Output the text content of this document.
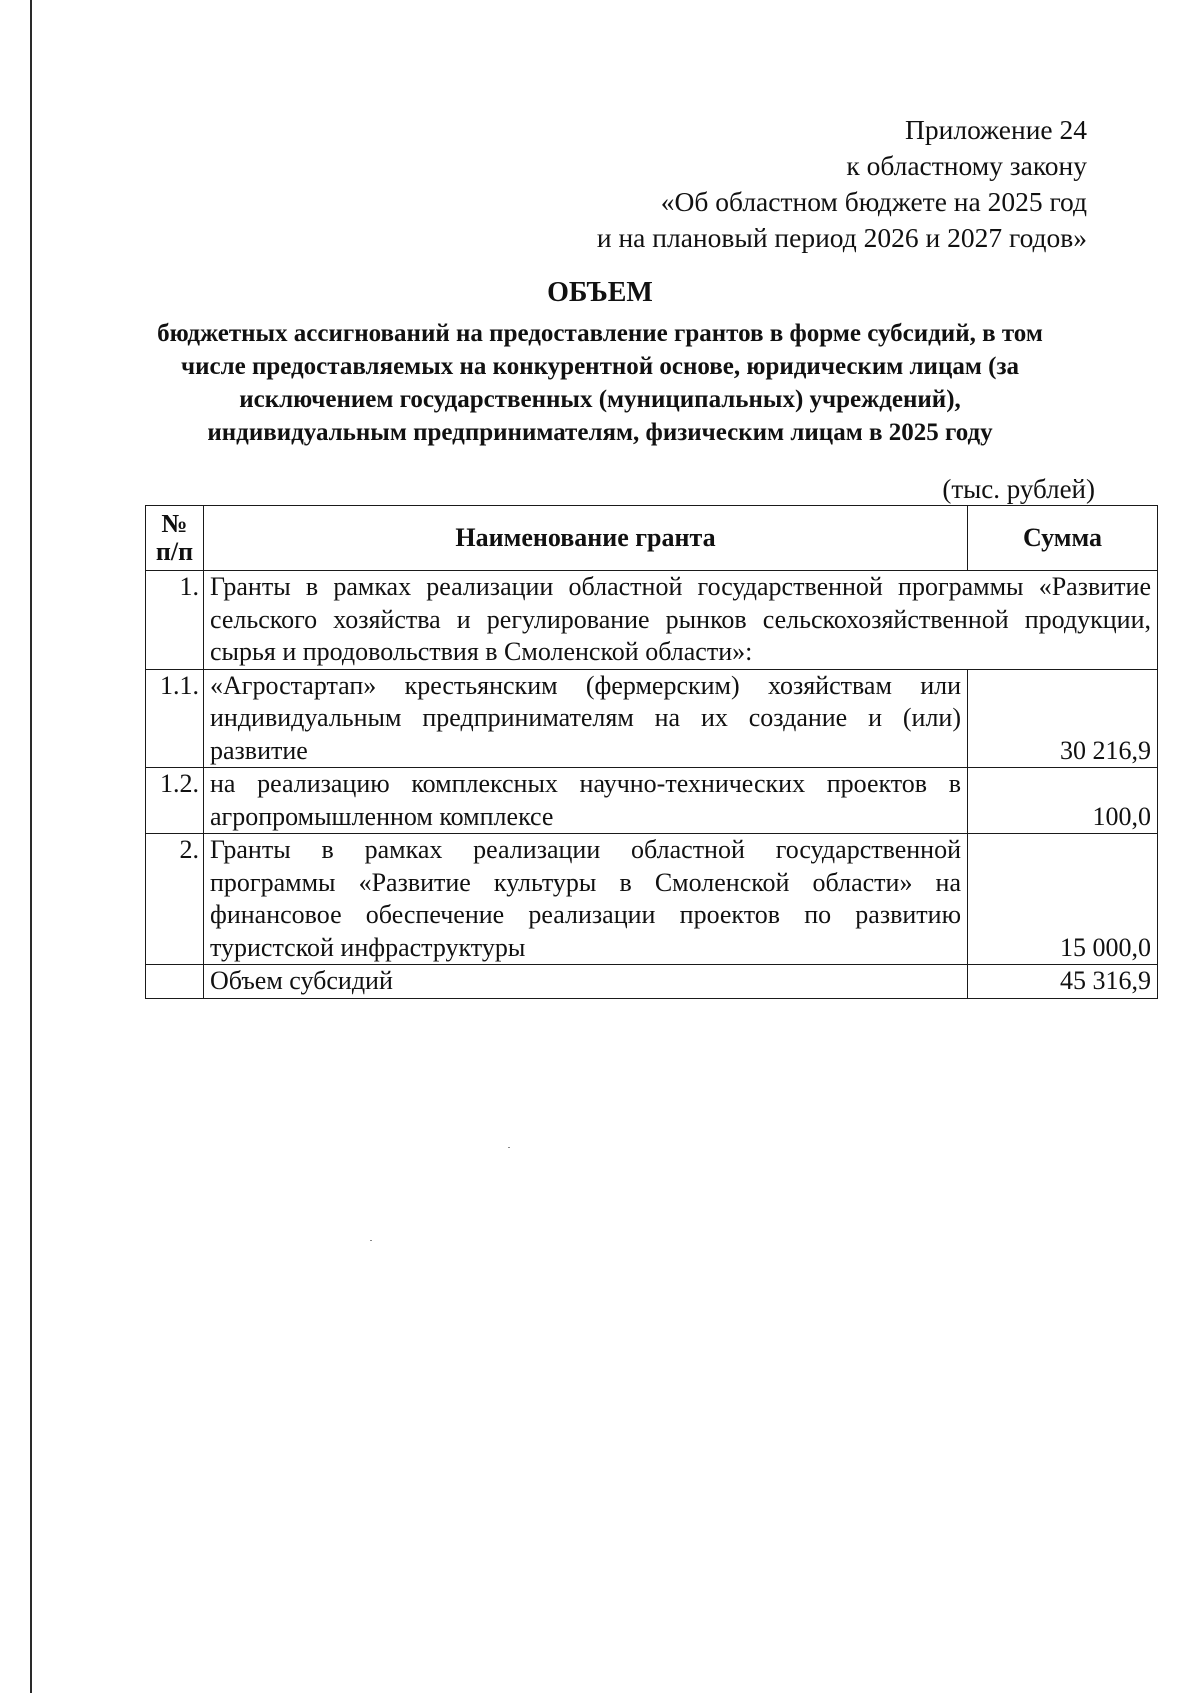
Приложение 24
к областному закону
«Об областном бюджете на 2025 год
и на плановый период 2026 и 2027 годов»
ОБЪЕМ
бюджетных ассигнований на предоставление грантов в форме субсидий, в том
числе предоставляемых на конкурентной основе, юридическим лицам (за
исключением государственных (муниципальных) учреждений),
индивидуальным предпринимателям, физическим лицам в 2025 году
(тыс. рублей)
№
п/п	Наименование гранта	Сумма
1.	Гранты в рамках реализации областной государственной программы «Развитие сельского хозяйства и регулирование рынков сельскохозяйственной продукции, сырья и продовольствия в Смоленской области»:	
1.1.	«Агростартап» крестьянским (фермерским) хозяйствам или индивидуальным предпринимателям на их создание и (или) развитие	30 216,9
1.2.	на реализацию комплексных научно-технических проектов в агропромышленном комплексе	100,0
2.	Гранты в рамках реализации областной государственной программы «Развитие культуры в Смоленской области» на финансовое обеспечение реализации проектов по развитию туристской инфраструктуры	15 000,0
	Объем субсидий	45 316,9
